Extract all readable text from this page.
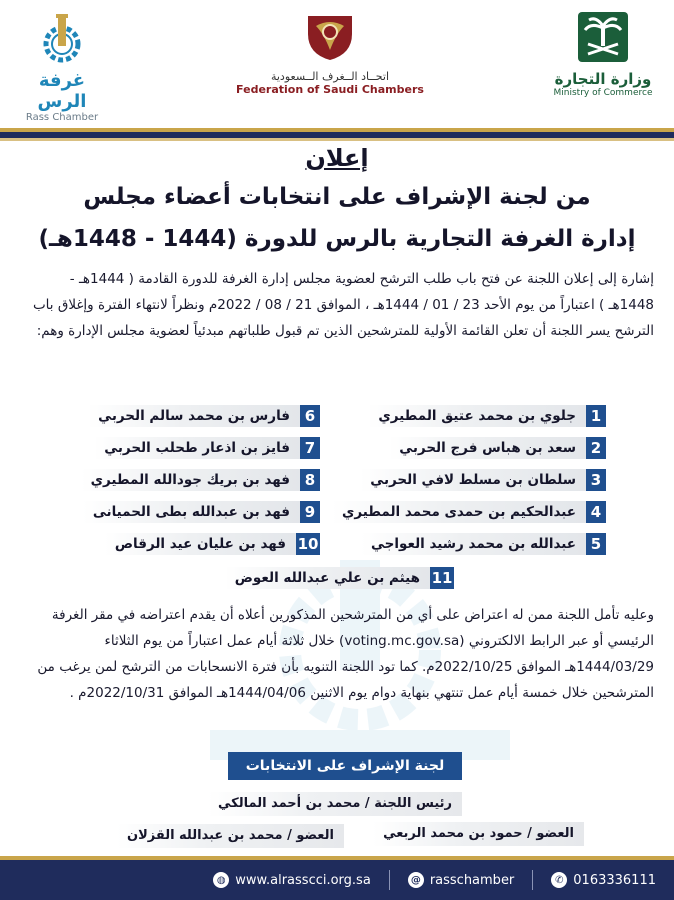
غرفة الرس
Rass Chamber
اتحــاد الــغرف الــسعودية
Federation of Saudi Chambers
وزارة التجارة
Ministry of Commerce
إعلان
من لجنة الإشراف على انتخابات أعضاء مجلس
إدارة الغرفة التجارية بالرس للدورة (1444 - 1448هـ)
إشارة إلى إعلان اللجنة عن فتح باب طلب الترشح لعضوية مجلس إدارة الغرفة للدورة القادمة ( 1444هـ - 1448هـ ) اعتباراً من يوم الأحد 23 / 01 / 1444هـ ، الموافق 21 / 08 / 2022م ونظراً لانتهاء الفترة وإغلاق باب الترشح يسر اللجنة أن تعلن القائمة الأولية للمترشحين الذين تم قبول طلباتهم مبدئياً لعضوية مجلس الإدارة وهم:
1
جلوي بن محمد عتيق المطيري
2
سعد بن هباس فرج الحربي
3
سلطان بن مسلط لافي الحربي
4
عبدالحكيم بن حمدى محمد المطيري
5
عبدالله بن محمد رشيد العواجي
6
فارس بن محمد سالم الحربي
7
فايز بن اذعار طحلب الحربي
8
فهد بن بريك جودالله المطيري
9
فهد بن عبدالله بطى الحميانى
10
فهد بن عليان عيد الرقاص
11
هيثم بن علي عبدالله العوض
وعليه تأمل اللجنة ممن له اعتراض على أي من المترشحين المذكورين أعلاه أن يقدم اعتراضه في مقر الغرفة الرئيسي أو عبر الرابط الالكتروني (voting.mc.gov.sa) خلال ثلاثة أيام عمل اعتباراً من يوم الثلاثاء 1444/03/29هـ الموافق 2022/10/25م. كما تود اللجنة التنويه بأن فترة الانسحابات من الترشح لمن يرغب من المترشحين خلال خمسة أيام عمل تنتهي بنهاية دوام يوم الاثنين 1444/04/06هـ الموافق 2022/10/31م .
لجنة الإشراف على الانتخابات
رئيس اللجنة / محمد بن أحمد المالكي
العضو / حمود بن محمد الربعي
العضو / محمد بن عبدالله القزلان
◍ www.alrasscci.org.sa	@ rasschamber	✆ 0163336111
